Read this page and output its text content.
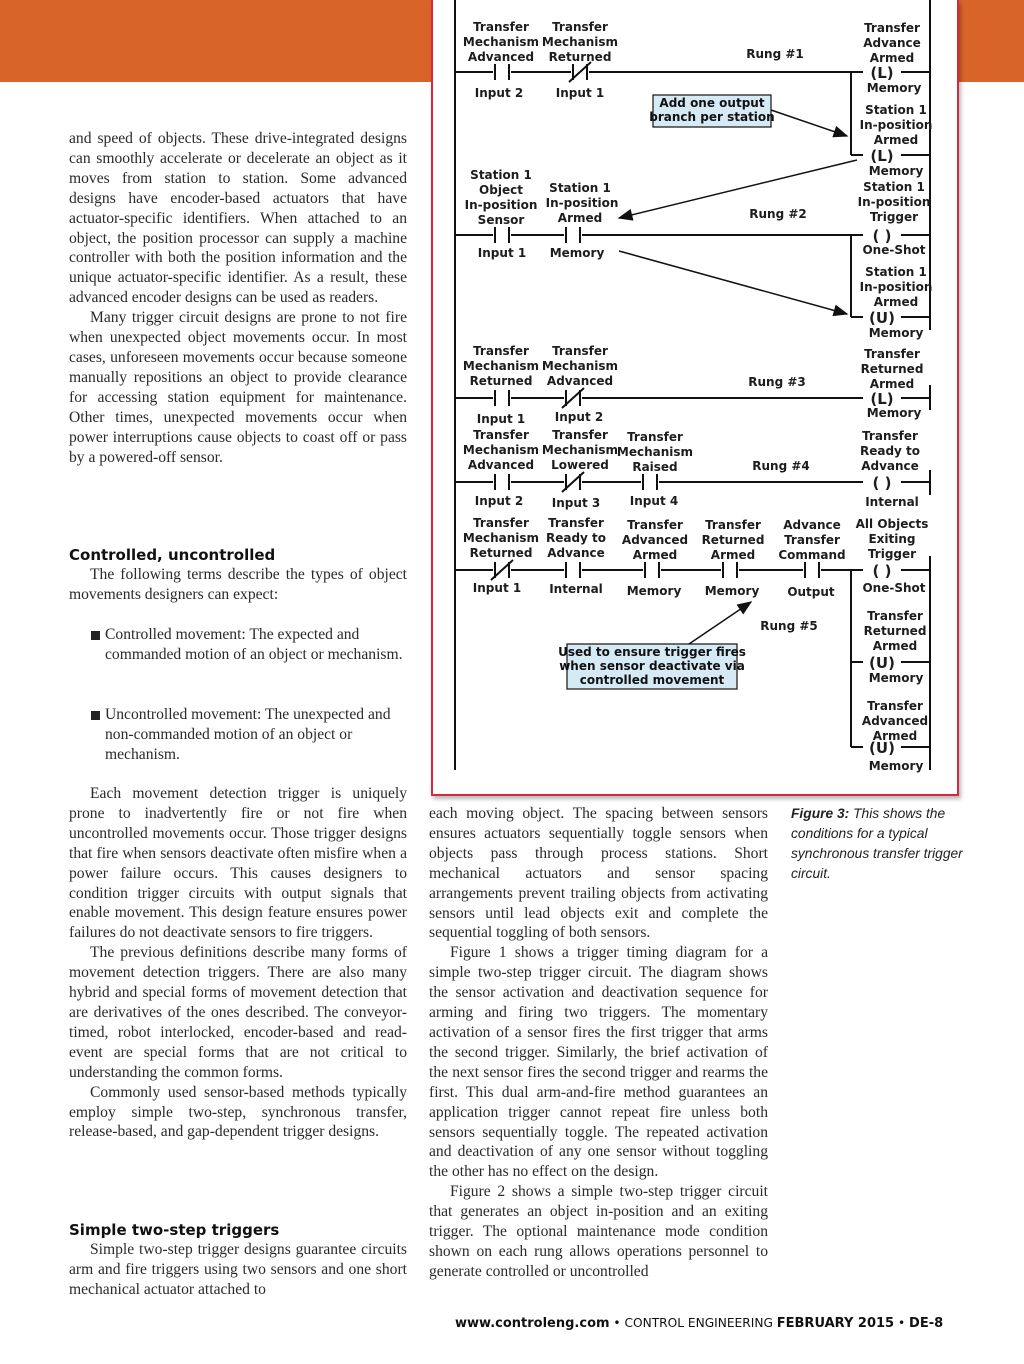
and speed of objects. These drive-integrated designs can smoothly accelerate or decelerate an object as it moves from station to station. Some advanced designs have encoder-based actuators that have actuator-specific identifiers. When attached to an object, the position processor can supply a machine controller with both the position information and the unique actuator-specific identifier. As a result, these advanced encoder designs can be used as readers.

Many trigger circuit designs are prone to not fire when unexpected object movements occur. In most cases, unforeseen movements occur because someone manually repositions an object to provide clearance for accessing station equipment for maintenance. Other times, unexpected movements occur when power interruptions cause objects to coast off or pass by a powered-off sensor.

Controlled, uncontrolled

The following terms describe the types of object movements designers can expect:

Controlled movement: The expected and commanded motion of an object or mechanism.
Uncontrolled movement: The unexpected and non-commanded motion of an object or mechanism.

Each movement detection trigger is uniquely prone to inadvertently fire or not fire when uncontrolled movements occur. Those trigger designs that fire when sensors deactivate often misfire when a power failure occurs. This causes designers to condition trigger circuits with output signals that enable movement. This design feature ensures power failures do not deactivate sensors to fire triggers.

The previous definitions describe many forms of movement detection triggers. There are also many hybrid and special forms of movement detection that are derivatives of the ones described. The conveyor-timed, robot interlocked, encoder-based and read-event are special forms that are not critical to understanding the common forms.

Commonly used sensor-based methods typically employ simple two-step, synchronous transfer, release-based, and gap-dependent trigger designs.

Simple two-step triggers

Simple two-step trigger designs guarantee circuits arm and fire triggers using two sensors and one short mechanical actuator attached to

each moving object. The spacing between sensors ensures actuators sequentially toggle sensors when objects pass through process stations. Short mechanical actuators and sensor spacing arrangements prevent trailing objects from activating sensors until lead objects exit and complete the sequential toggling of both sensors.

Figure 1 shows a trigger timing diagram for a simple two-step trigger circuit. The diagram shows the sensor activation and deactivation sequence for arming and firing two triggers. The momentary activation of a sensor fires the first trigger that arms the second trigger. Similarly, the brief activation of the next sensor fires the second trigger and rearms the first. This dual arm-and-fire method guarantees an application trigger cannot repeat fire unless both sensors sequentially toggle. The repeated activation and deactivation of any one sensor without toggling the other has no effect on the design.

Figure 2 shows a simple two-step trigger circuit that generates an object in-position and an exiting trigger. The optional maintenance mode condition shown on each rung allows operations personnel to generate controlled or uncontrolled

Figure 3: This shows the conditions for a typical synchronous transfer trigger circuit.
www.controleng.com • CONTROL ENGINEERING FEBRUARY 2015 • DE-8
(L)
(L)
( )
(U)
(L)
( )
( )
(U)
(U)
Transfer
Mechanism
Advanced
Input 2
Transfer
Mechanism
Returned
Input 1
Rung #1
Transfer
Advance
Armed
Memory
Station 1
In-position
Armed
Memory
Add one output
branch per station
Station 1
Object
In-position
Sensor
Input 1
Station 1
In-position
Armed
Memory
Rung #2
Station 1
In-position
Trigger
One-Shot
Station 1
In-position
Armed
Memory
Transfer
Mechanism
Returned
Input 1
Transfer
Mechanism
Advanced
Input 2
Rung #3
Transfer
Returned
Armed
Memory
Transfer
Mechanism
Advanced
Input 2
Transfer
Mechanism
Lowered
Input 3
Transfer
Mechanism
Raised
Input 4
Rung #4
Transfer
Ready to
Advance
Internal
Transfer
Mechanism
Returned
Input 1
Transfer
Ready to
Advance
Internal
Transfer
Advanced
Armed
Memory
Transfer
Returned
Armed
Memory
Advance
Transfer
Command
Output
Rung #5
All Objects
Exiting
Trigger
One-Shot
Transfer
Returned
Armed
Memory
Transfer
Advanced
Armed
Memory
Used to ensure trigger fires
when sensor deactivate via
controlled movement
